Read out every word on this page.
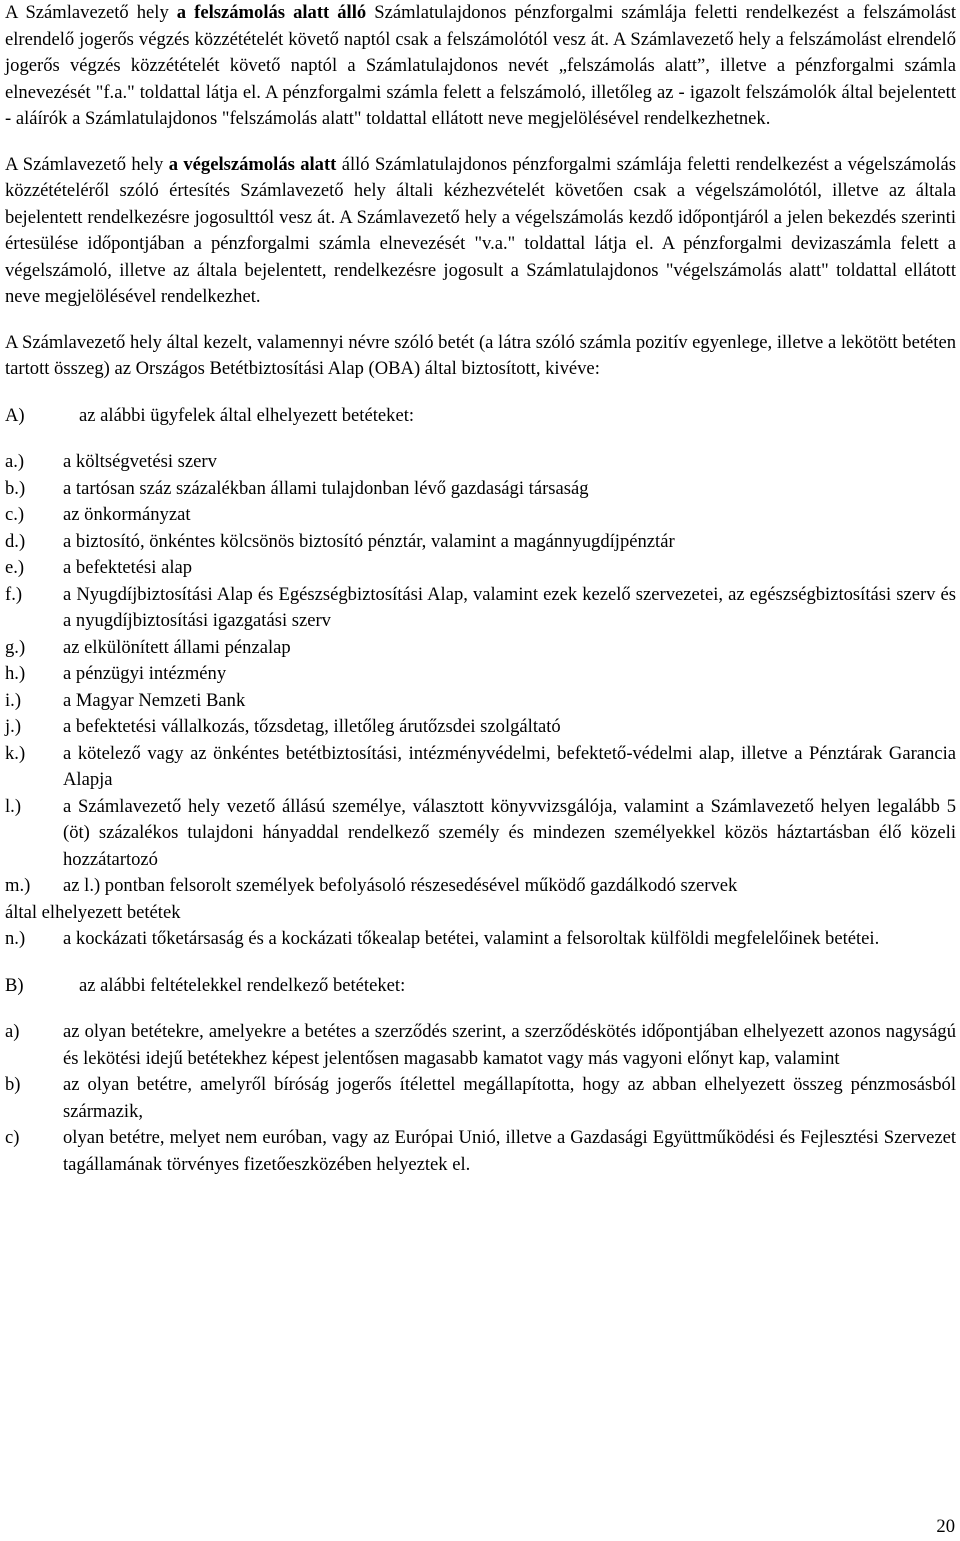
A Számlavezető hely a felszámolás alatt álló Számlatulajdonos pénzforgalmi számlája feletti rendelkezést a felszámolást elrendelő jogerős végzés közzétételét követő naptól csak a felszámolótól vesz át. A Számlavezető hely a felszámolást elrendelő jogerős végzés közzétételét követő naptól a Számlatulajdonos nevét „felszámolás alatt”, illetve a pénzforgalmi számla elnevezését "f.a." toldattal látja el. A pénzforgalmi számla felett a felszámoló, illetőleg az - igazolt felszámolók által bejelentett - aláírók a Számlatulajdonos "felszámolás alatt" toldattal ellátott neve megjelölésével rendelkezhetnek.

A Számlavezető hely a végelszámolás alatt álló Számlatulajdonos pénzforgalmi számlája feletti rendelkezést a végelszámolás közzétételéről szóló értesítés Számlavezető hely általi kézhezvételét követően csak a végelszámolótól, illetve az általa bejelentett rendelkezésre jogosulttól vesz át. A Számlavezető hely a végelszámolás kezdő időpontjáról a jelen bekezdés szerinti értesülése időpontjában a pénzforgalmi számla elnevezését "v.a." toldattal látja el. A pénzforgalmi devizaszámla felett a végelszámoló, illetve az általa bejelentett, rendelkezésre jogosult a Számlatulajdonos "végelszámolás alatt" toldattal ellátott neve megjelölésével rendelkezhet.

A Számlavezető hely által kezelt, valamennyi névre szóló betét (a látra szóló számla pozitív egyenlege, illetve a lekötött betéten tartott összeg) az Országos Betétbiztosítási Alap (OBA) által biztosított, kivéve:

A)	az alábbi ügyfelek által elhelyezett betéteket:
a.)	a költségvetési szerv
b.)	a tartósan száz százalékban állami tulajdonban lévő gazdasági társaság
c.)	az önkormányzat
d.)	a biztosító, önkéntes kölcsönös biztosító pénztár, valamint a magánnyugdíjpénztár
e.)	a befektetési alap
f.)	a Nyugdíjbiztosítási Alap és Egészségbiztosítási Alap, valamint ezek kezelő szervezetei, az egészségbiztosítási szerv és a nyugdíjbiztosítási igazgatási szerv
g.)	az elkülönített állami pénzalap
h.)	a pénzügyi intézmény
i.)	a Magyar Nemzeti Bank
j.)	a befektetési vállalkozás, tőzsdetag, illetőleg árutőzsdei szolgáltató
k.)	a kötelező vagy az önkéntes betétbiztosítási, intézményvédelmi, befektető-védelmi alap, illetve a Pénztárak Garancia Alapja
l.)	a Számlavezető hely vezető állású személye, választott könyvvizsgálója, valamint a Számlavezető helyen legalább 5 (öt) százalékos tulajdoni hányaddal rendelkező személy és mindezen személyekkel közös háztartásban élő közeli hozzátartozó
m.)	az l.) pontban felsorolt személyek befolyásoló részesedésével működő gazdálkodó szervek

által elhelyezett betétek

n.)	a kockázati tőketársaság és a kockázati tőkealap betétei, valamint a felsoroltak külföldi megfelelőinek betétei.
B)	az alábbi feltételekkel rendelkező betéteket:
a)	az olyan betétekre, amelyekre a betétes a szerződés szerint, a szerződéskötés időpontjában elhelyezett azonos nagyságú és lekötési idejű betétekhez képest jelentősen magasabb kamatot vagy más vagyoni előnyt kap, valamint
b)	az olyan betétre, amelyről bíróság jogerős ítélettel megállapította, hogy az abban elhelyezett összeg pénzmosásból származik,
c)	olyan betétre, melyet nem euróban, vagy az Európai Unió, illetve a Gazdasági Együttműködési és Fejlesztési Szervezet tagállamának törvényes fizetőeszközében helyeztek el.
20
